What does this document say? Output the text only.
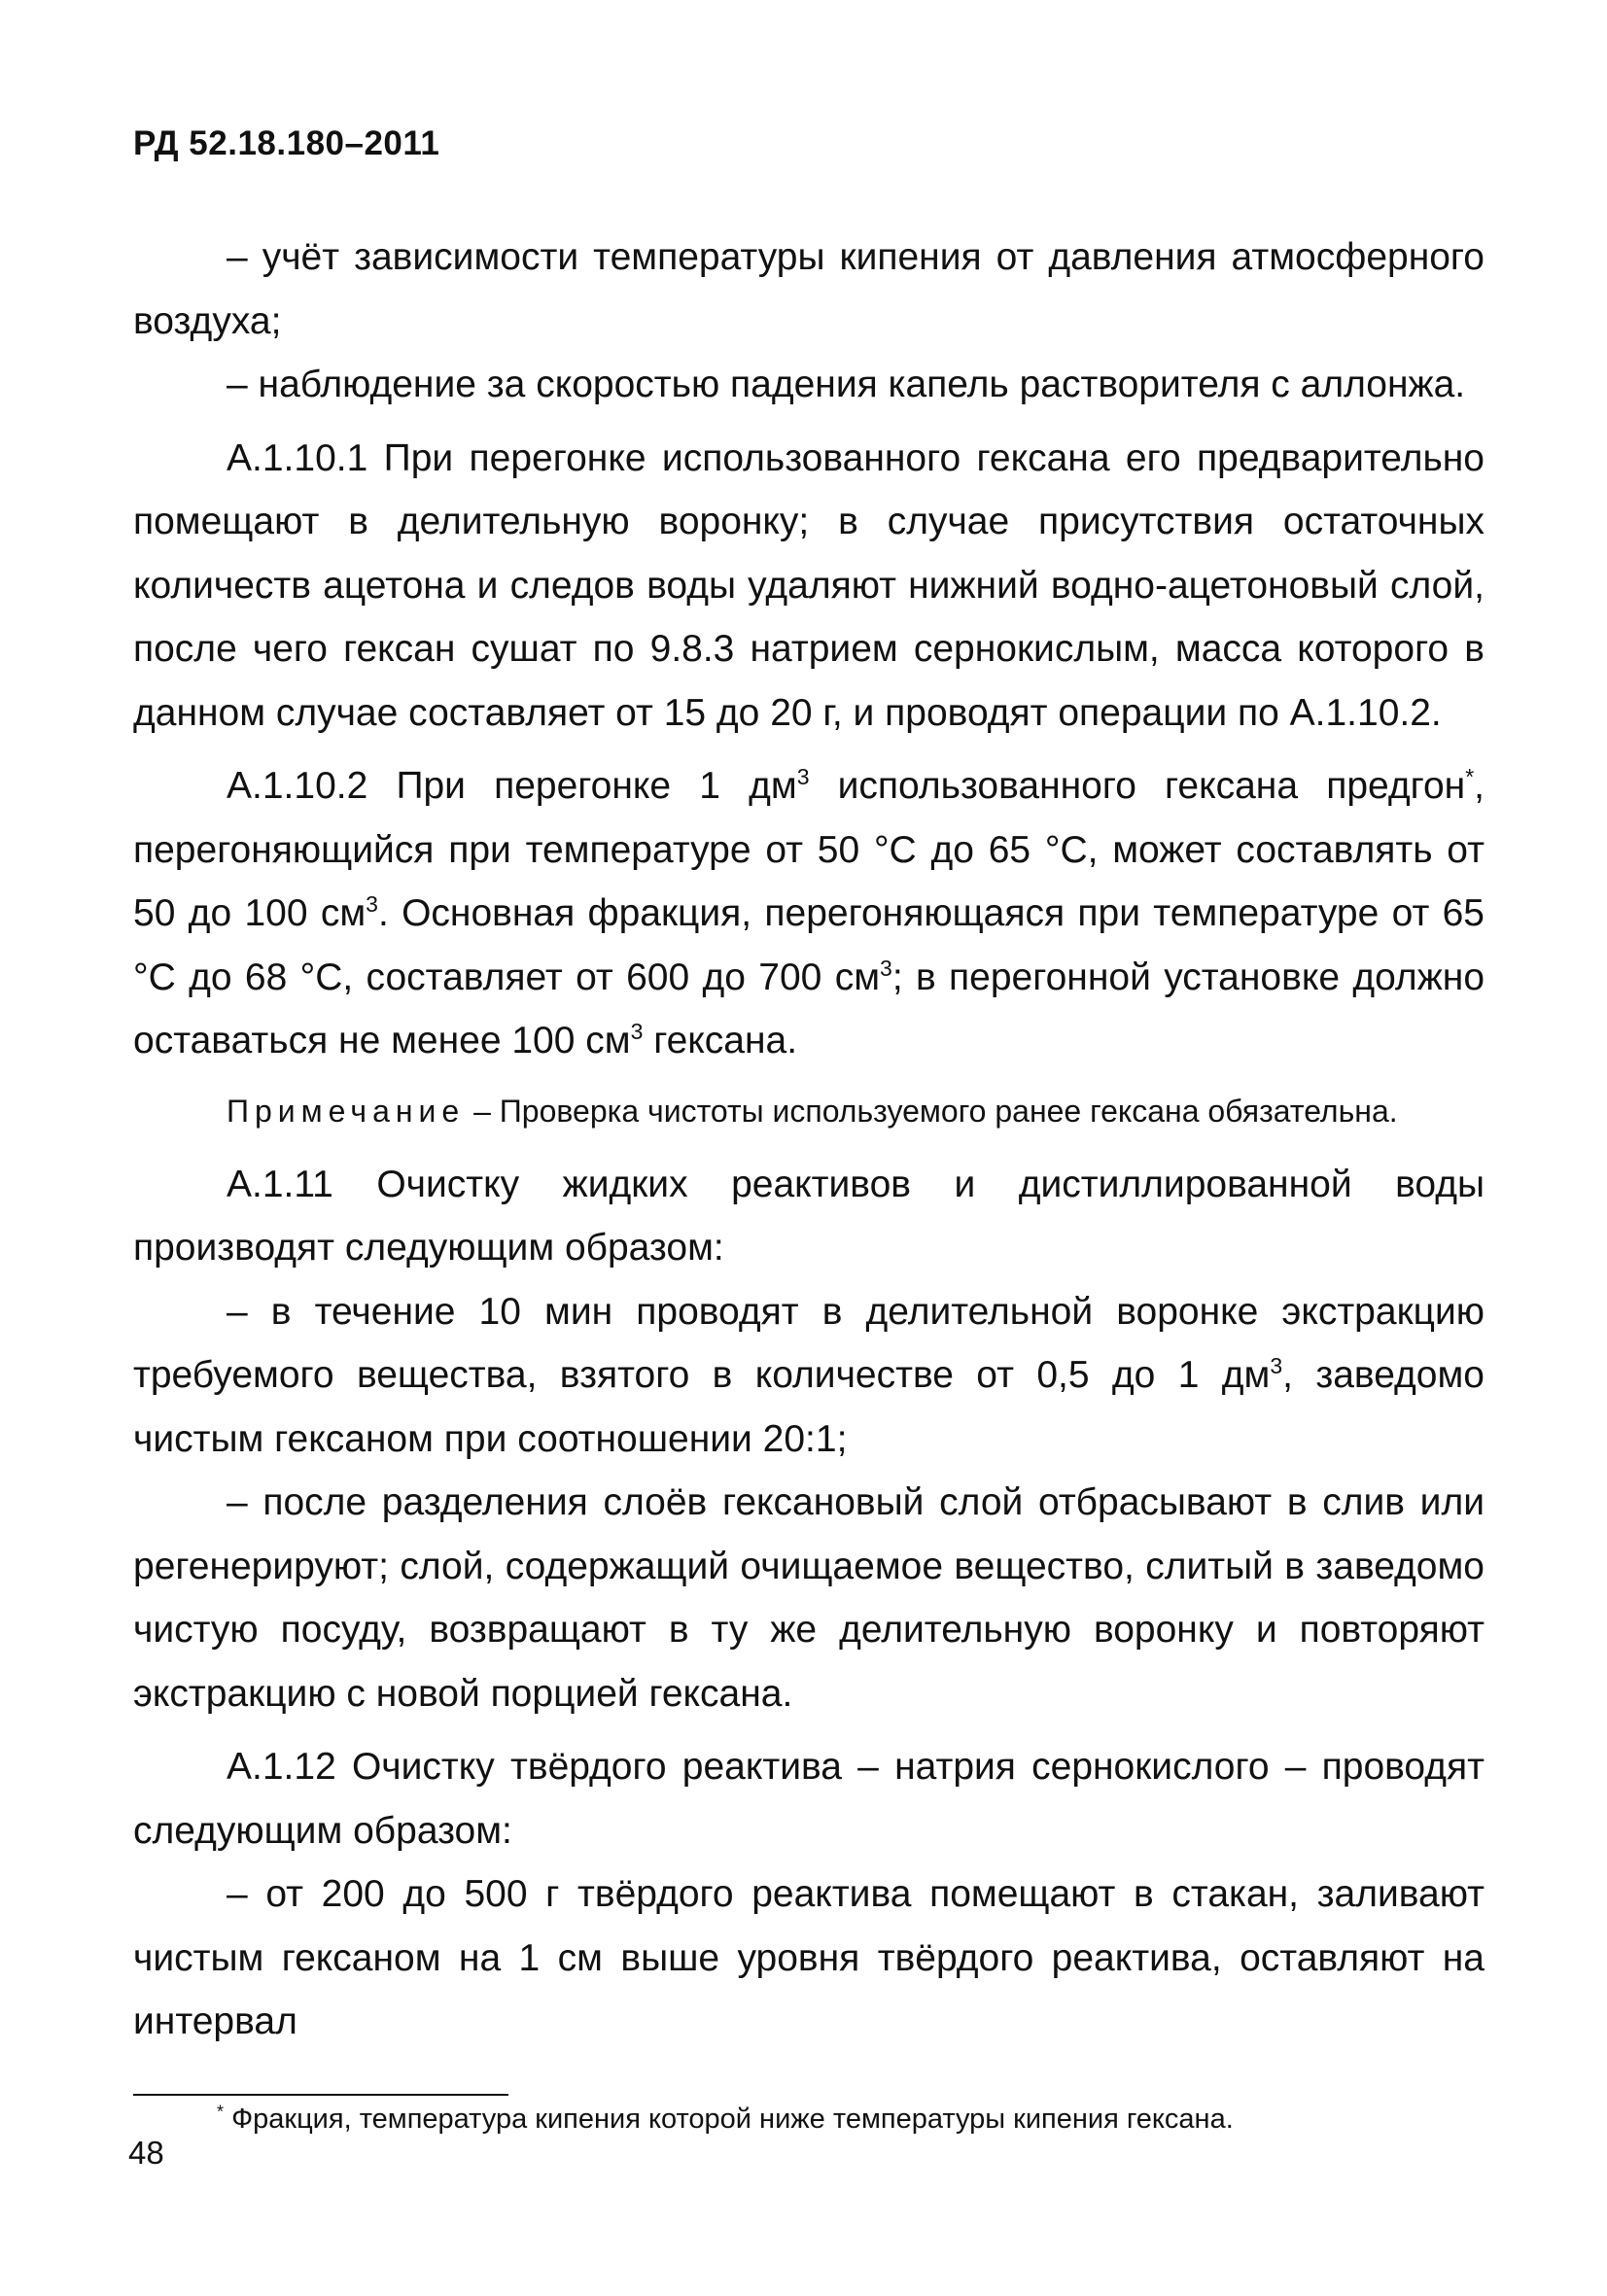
РД 52.18.180–2011

– учёт зависимости температуры кипения от давления атмосферного воздуха;

– наблюдение за скоростью падения капель растворителя с аллонжа.

А.1.10.1 При перегонке использованного гексана его предварительно помещают в делительную воронку; в случае присутствия остаточных количеств ацетона и следов воды удаляют нижний водно-ацетоновый слой, после чего гексан сушат по 9.8.3 натрием сернокислым, масса которого в данном случае составляет от 15 до 20 г, и проводят операции по А.1.10.2.

А.1.10.2 При перегонке 1 $дм^3$ использованного гексана предгон*, перегоняющийся при температуре от 50 °С до 65 °С, может составлять от 50 до 100 $см^3$. Основная фракция, перегоняющаяся при температуре от 65 °С до 68 °С, составляет от 600 до 700 $см^3$; в перегонной установке должно оставаться не менее 100 $см^3$ гексана.

Примечание – Проверка чистоты используемого ранее гексана обязательна.

А.1.11 Очистку жидких реактивов и дистиллированной воды производят следующим образом:

– в течение 10 мин проводят в делительной воронке экстракцию требуемого вещества, взятого в количестве от 0,5 до 1 $дм^3$, заведомо чистым гексаном при соотношении 20:1;

– после разделения слоёв гексановый слой отбрасывают в слив или регенерируют; слой, содержащий очищаемое вещество, слитый в заведомо чистую посуду, возвращают в ту же делительную воронку и повторяют экстракцию с новой порцией гексана.

А.1.12 Очистку твёрдого реактива – натрия сернокислого – проводят следующим образом:

– от 200 до 500 г твёрдого реактива помещают в стакан, заливают чистым гексаном на 1 см выше уровня твёрдого реактива, оставляют на интервал

* Фракция, температура кипения которой ниже температуры кипения гексана.
48
